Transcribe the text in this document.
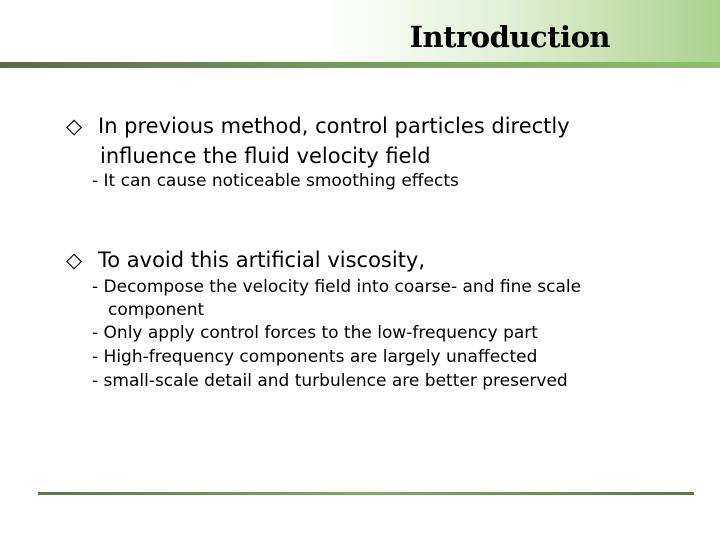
Introduction
◇ In previous method, control particles directly
influence the fluid velocity field
- It can cause noticeable smoothing effects
◇ To avoid this artificial viscosity,
- Decompose the velocity field into coarse- and fine scale
component
- Only apply control forces to the low-frequency part
- High-frequency components are largely unaffected
- small-scale detail and turbulence are better preserved
